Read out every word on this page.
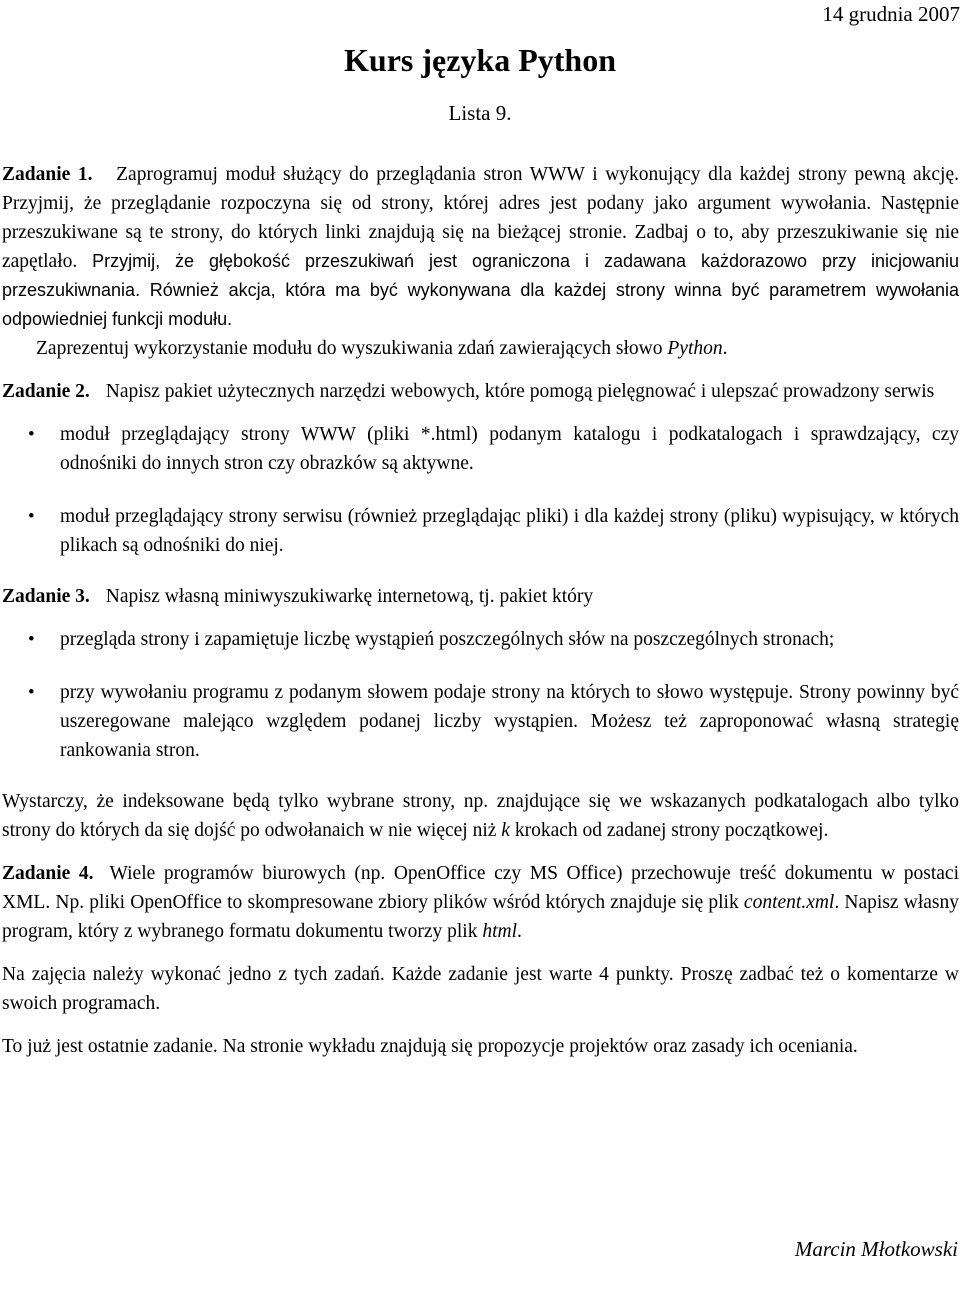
14 grudnia 2007
Kurs języka Python
Lista 9.

Zadanie 1. Zaprogramuj moduł służący do przeglądania stron WWW i wykonujący dla każdej strony pewną akcję. Przyjmij, że przeglądanie rozpoczyna się od strony, której adres jest podany jako argument wywołania. Następnie przeszukiwane są te strony, do których linki znajdują się na bieżącej stronie. Zadbaj o to, aby przeszukiwanie się nie zapętlało. Przyjmij, że głębokość przeszukiwań jest ograniczona i zadawana każdorazowo przy inicjowaniu przeszukiwnania. Również akcja, która ma być wykonywana dla każdej strony winna być parametrem wywołania odpowiedniej funkcji modułu.

Zaprezentuj wykorzystanie modułu do wyszukiwania zdań zawierających słowo Python.

Zadanie 2. Napisz pakiet użytecznych narzędzi webowych, które pomogą pielęgnować i ulepszać prowadzony serwis

• moduł przeglądający strony WWW (pliki *.html) podanym katalogu i podkatalogach i sprawdzający, czy odnośniki do innych stron czy obrazków są aktywne.
• moduł przeglądający strony serwisu (również przeglądając pliki) i dla każdej strony (pliku) wypisujący, w których plikach są odnośniki do niej.

Zadanie 3. Napisz własną miniwyszukiwarkę internetową, tj. pakiet który

• przegląda strony i zapamiętuje liczbę wystąpień poszczególnych słów na poszczególnych stronach;
• przy wywołaniu programu z podanym słowem podaje strony na których to słowo występuje. Strony powinny być uszeregowane malejąco względem podanej liczby wystąpien. Możesz też zaproponować własną strategię rankowania stron.

Wystarczy, że indeksowane będą tylko wybrane strony, np. znajdujące się we wskazanych podkatalogach albo tylko strony do których da się dojść po odwołanaich w nie więcej niż k krokach od zadanej strony początkowej.

Zadanie 4. Wiele programów biurowych (np. OpenOffice czy MS Office) przechowuje treść dokumentu w postaci XML. Np. pliki OpenOffice to skompresowane zbiory plików wśród których znajduje się plik content.xml. Napisz własny program, który z wybranego formatu dokumentu tworzy plik html.

Na zajęcia należy wykonać jedno z tych zadań. Każde zadanie jest warte 4 punkty. Proszę zadbać też o komentarze w swoich programach.

To już jest ostatnie zadanie. Na stronie wykładu znajdują się propozycje projektów oraz zasady ich oceniania.

Marcin Młotkowski
